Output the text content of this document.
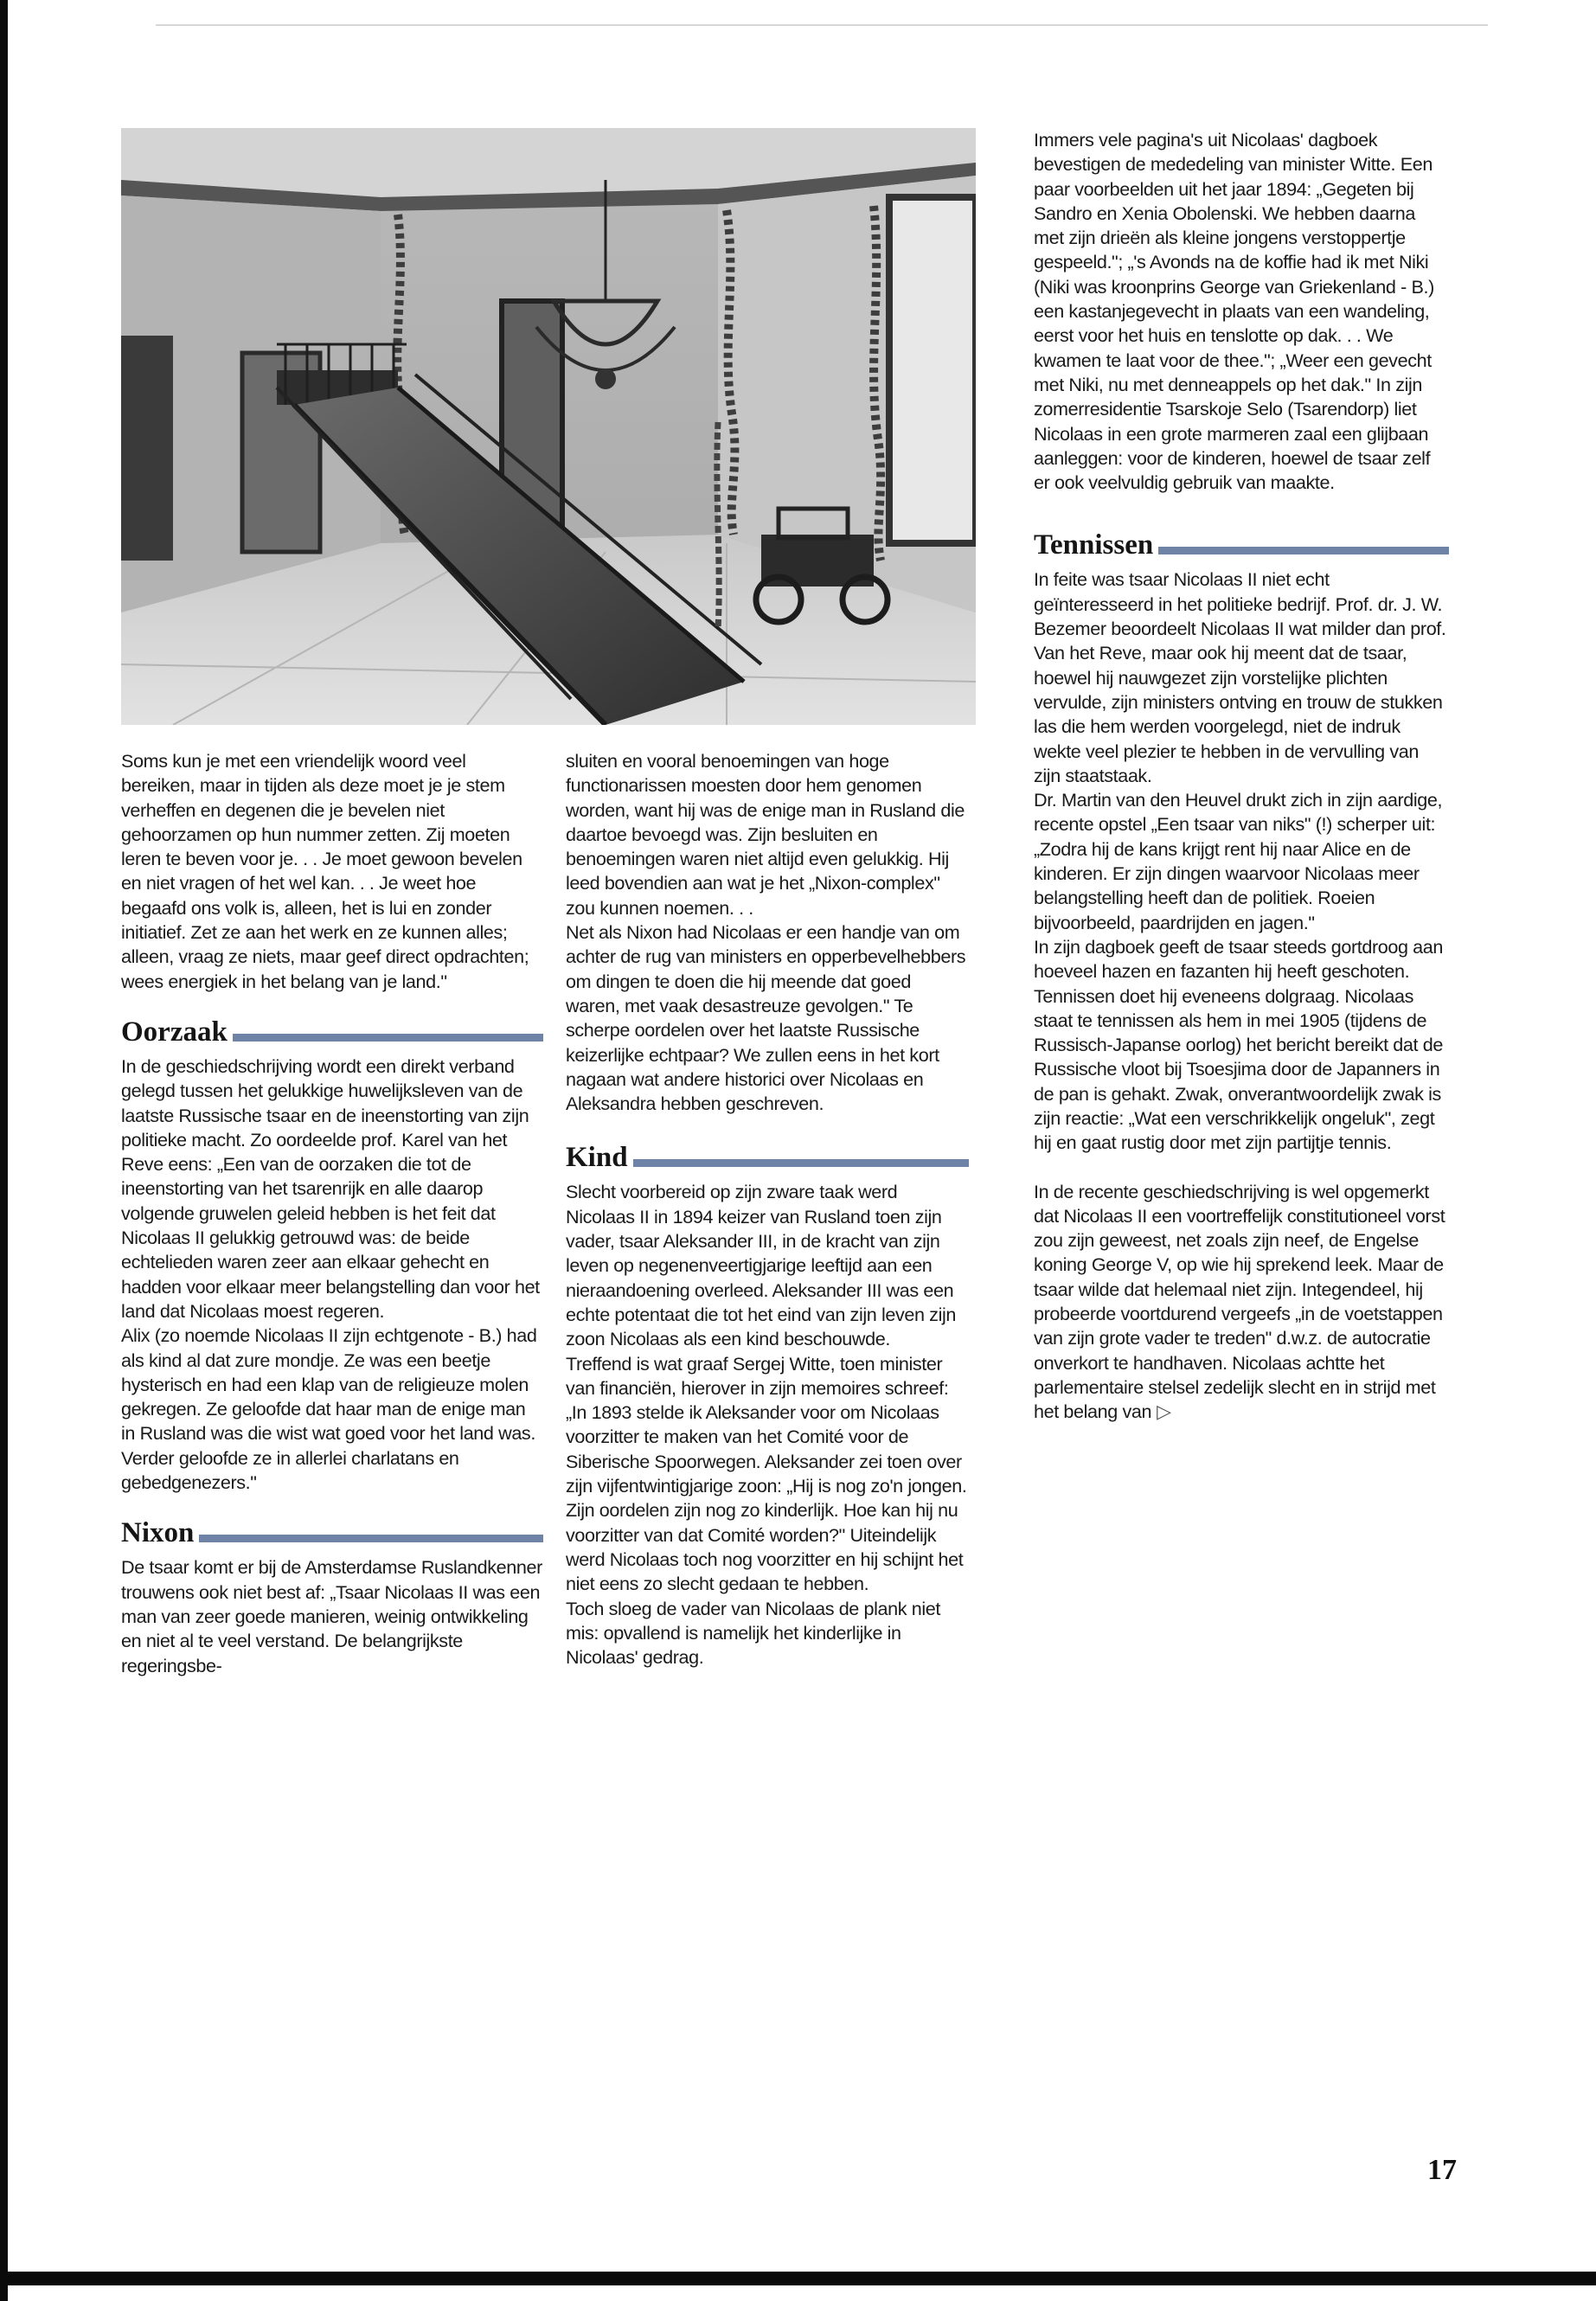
Soms kun je met een vriendelijk woord veel bereiken, maar in tijden als deze moet je je stem verheffen en degenen die je bevelen niet gehoorzamen op hun nummer zetten. Zij moeten leren te beven voor je. . . Je moet gewoon bevelen en niet vragen of het wel kan. . . Je weet hoe begaafd ons volk is, alleen, het is lui en zonder initiatief. Zet ze aan het werk en ze kunnen alles; alleen, vraag ze niets, maar geef direct opdrachten; wees energiek in het belang van je land."

Oorzaak

In de geschiedschrijving wordt een direkt verband gelegd tussen het gelukkige huwelijksleven van de laatste Russische tsaar en de ineenstorting van zijn politieke macht. Zo oordeelde prof. Karel van het Reve eens: „Een van de oorzaken die tot de ineenstorting van het tsarenrijk en alle daarop volgende gruwelen geleid hebben is het feit dat Nicolaas II gelukkig getrouwd was: de beide echtelieden waren zeer aan elkaar gehecht en hadden voor elkaar meer belangstelling dan voor het land dat Nicolaas moest regeren.

Alix (zo noemde Nicolaas II zijn echtgenote - B.) had als kind al dat zure mondje. Ze was een beetje hysterisch en had een klap van de religieuze molen gekregen. Ze geloofde dat haar man de enige man in Rusland was die wist wat goed voor het land was. Verder geloofde ze in allerlei charlatans en gebedgenezers."

Nixon

De tsaar komt er bij de Amsterdamse Ruslandkenner trouwens ook niet best af: „Tsaar Nicolaas II was een man van zeer goede manieren, weinig ontwikkeling en niet al te veel verstand. De belangrijkste regeringsbe-

sluiten en vooral benoemingen van hoge functionarissen moesten door hem genomen worden, want hij was de enige man in Rusland die daartoe bevoegd was. Zijn besluiten en benoemingen waren niet altijd even gelukkig. Hij leed bovendien aan wat je het „Nixon-complex" zou kunnen noemen. . .

Net als Nixon had Nicolaas er een handje van om achter de rug van ministers en opperbevelhebbers om dingen te doen die hij meende dat goed waren, met vaak desastreuze gevolgen." Te scherpe oordelen over het laatste Russische keizerlijke echtpaar? We zullen eens in het kort nagaan wat andere historici over Nicolaas en Aleksandra hebben geschreven.

Kind

Slecht voorbereid op zijn zware taak werd Nicolaas II in 1894 keizer van Rusland toen zijn vader, tsaar Aleksander III, in de kracht van zijn leven op negenenveertigjarige leeftijd aan een nieraandoening overleed. Aleksander III was een echte potentaat die tot het eind van zijn leven zijn zoon Nicolaas als een kind beschouwde.

Treffend is wat graaf Sergej Witte, toen minister van financiën, hierover in zijn memoires schreef: „In 1893 stelde ik Aleksander voor om Nicolaas voorzitter te maken van het Comité voor de Siberische Spoorwegen. Aleksander zei toen over zijn vijfentwintigjarige zoon: „Hij is nog zo'n jongen. Zijn oordelen zijn nog zo kinderlijk. Hoe kan hij nu voorzitter van dat Comité worden?" Uiteindelijk werd Nicolaas toch nog voorzitter en hij schijnt het niet eens zo slecht gedaan te hebben.

Toch sloeg de vader van Nicolaas de plank niet mis: opvallend is namelijk het kinderlijke in Nicolaas' gedrag.

Immers vele pagina's uit Nicolaas' dagboek bevestigen de mededeling van minister Witte. Een paar voorbeelden uit het jaar 1894: „Gegeten bij Sandro en Xenia Obolenski. We hebben daarna met zijn drieën als kleine jongens verstoppertje gespeeld."; „'s Avonds na de koffie had ik met Niki (Niki was kroonprins George van Griekenland - B.) een kastanjegevecht in plaats van een wandeling, eerst voor het huis en tenslotte op dak. . . We kwamen te laat voor de thee."; „Weer een gevecht met Niki, nu met denneappels op het dak." In zijn zomerresidentie Tsarskoje Selo (Tsarendorp) liet Nicolaas in een grote marmeren zaal een glijbaan aanleggen: voor de kinderen, hoewel de tsaar zelf er ook veelvuldig gebruik van maakte.

Tennissen

In feite was tsaar Nicolaas II niet echt geïnteresseerd in het politieke bedrijf. Prof. dr. J. W. Bezemer beoordeelt Nicolaas II wat milder dan prof. Van het Reve, maar ook hij meent dat de tsaar, hoewel hij nauwgezet zijn vorstelijke plichten vervulde, zijn ministers ontving en trouw de stukken las die hem werden voorgelegd, niet de indruk wekte veel plezier te hebben in de vervulling van zijn staatstaak.

Dr. Martin van den Heuvel drukt zich in zijn aardige, recente opstel „Een tsaar van niks" (!) scherper uit: „Zodra hij de kans krijgt rent hij naar Alice en de kinderen. Er zijn dingen waarvoor Nicolaas meer belangstelling heeft dan de politiek. Roeien bijvoorbeeld, paardrijden en jagen."

In zijn dagboek geeft de tsaar steeds gortdroog aan hoeveel hazen en fazanten hij heeft geschoten. Tennissen doet hij eveneens dolgraag. Nicolaas staat te tennissen als hem in mei 1905 (tijdens de Russisch-Japanse oorlog) het bericht bereikt dat de Russische vloot bij Tsoesjima door de Japanners in de pan is gehakt. Zwak, onverantwoordelijk zwak is zijn reactie: „Wat een verschrikkelijk ongeluk", zegt hij en gaat rustig door met zijn partijtje tennis.

In de recente geschiedschrijving is wel opgemerkt dat Nicolaas II een voortreffelijk constitutioneel vorst zou zijn geweest, net zoals zijn neef, de Engelse koning George V, op wie hij sprekend leek. Maar de tsaar wilde dat helemaal niet zijn. Integendeel, hij probeerde voortdurend vergeefs „in de voetstappen van zijn grote vader te treden" d.w.z. de autocratie onverkort te handhaven. Nicolaas achtte het parlementaire stelsel zedelijk slecht en in strijd met het belang van ▷

17
